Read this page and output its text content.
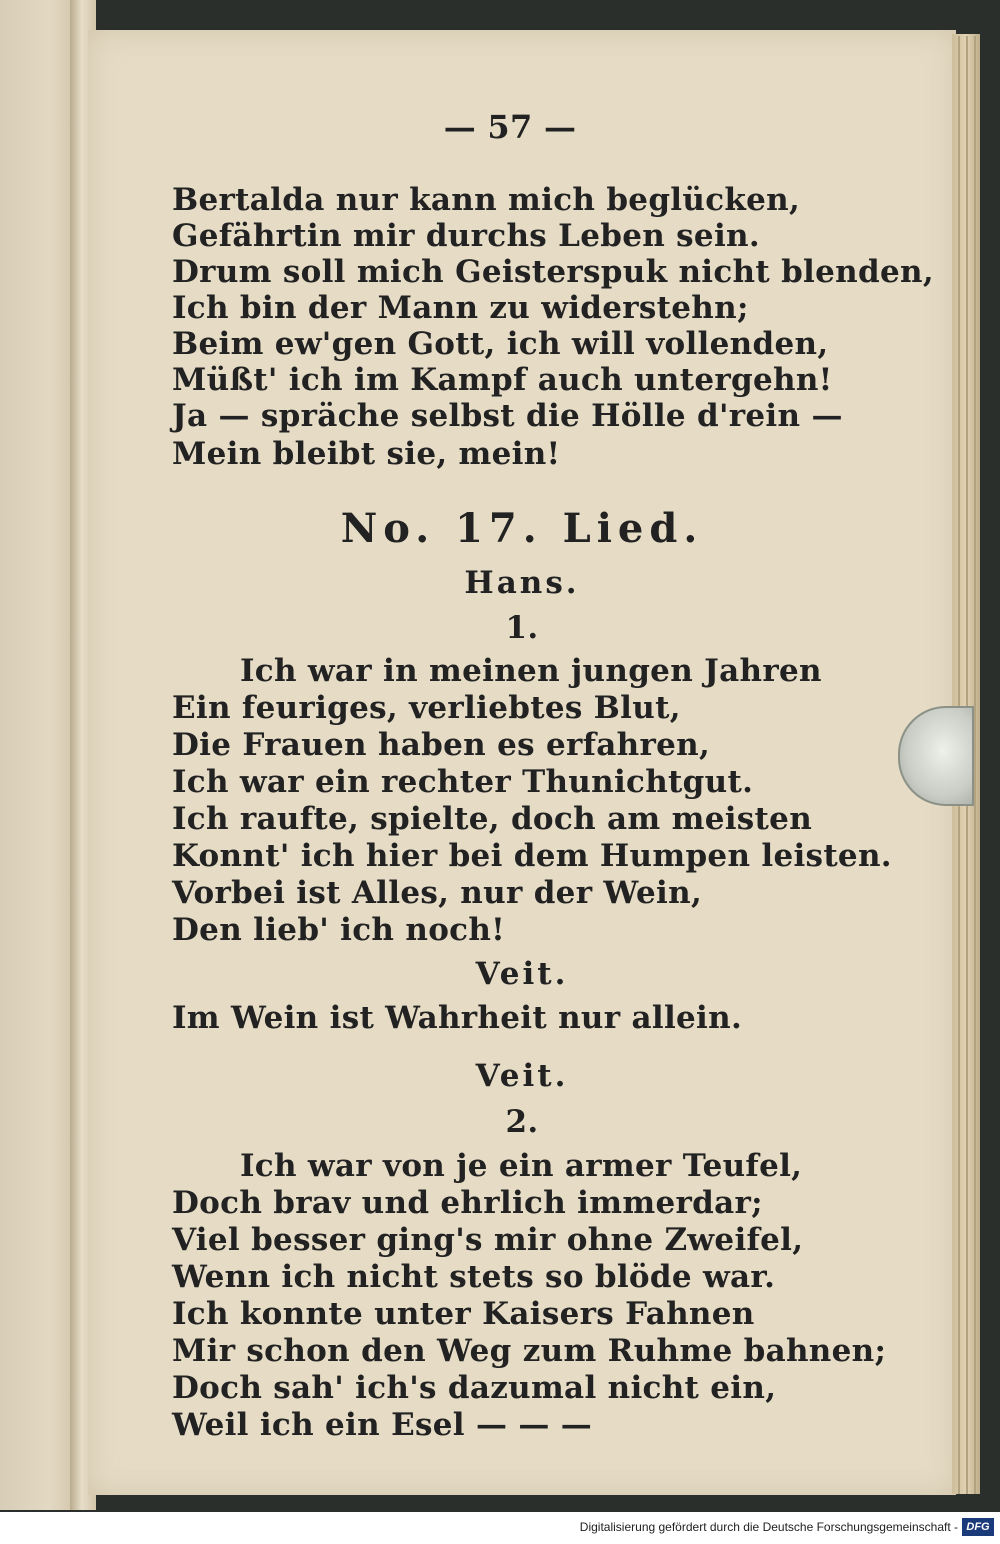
— 57 —
Bertalda nur kann mich beglücken,
Gefährtin mir durchs Leben sein.
Drum soll mich Geisterspuk nicht blenden,
Ich bin der Mann zu widerstehn;
Beim ew'gen Gott, ich will vollenden,
Müßt' ich im Kampf auch untergehn!
Ja — spräche selbst die Hölle d'rein —
Mein bleibt sie, mein!
No. 17. Lied.
Hans.
1.
Ich war in meinen jungen Jahren
Ein feuriges, verliebtes Blut,
Die Frauen haben es erfahren,
Ich war ein rechter Thunichtgut.
Ich raufte, spielte, doch am meisten
Konnt' ich hier bei dem Humpen leisten.
Vorbei ist Alles, nur der Wein,
Den lieb' ich noch!
Veit.
Im Wein ist Wahrheit nur allein.
Veit.
2.
Ich war von je ein armer Teufel,
Doch brav und ehrlich immerdar;
Viel besser ging's mir ohne Zweifel,
Wenn ich nicht stets so blöde war.
Ich konnte unter Kaisers Fahnen
Mir schon den Weg zum Ruhme bahnen;
Doch sah' ich's dazumal nicht ein,
Weil ich ein Esel — — —
Digitalisierung gefördert durch die Deutsche Forschungsgemeinschaft - DFG
